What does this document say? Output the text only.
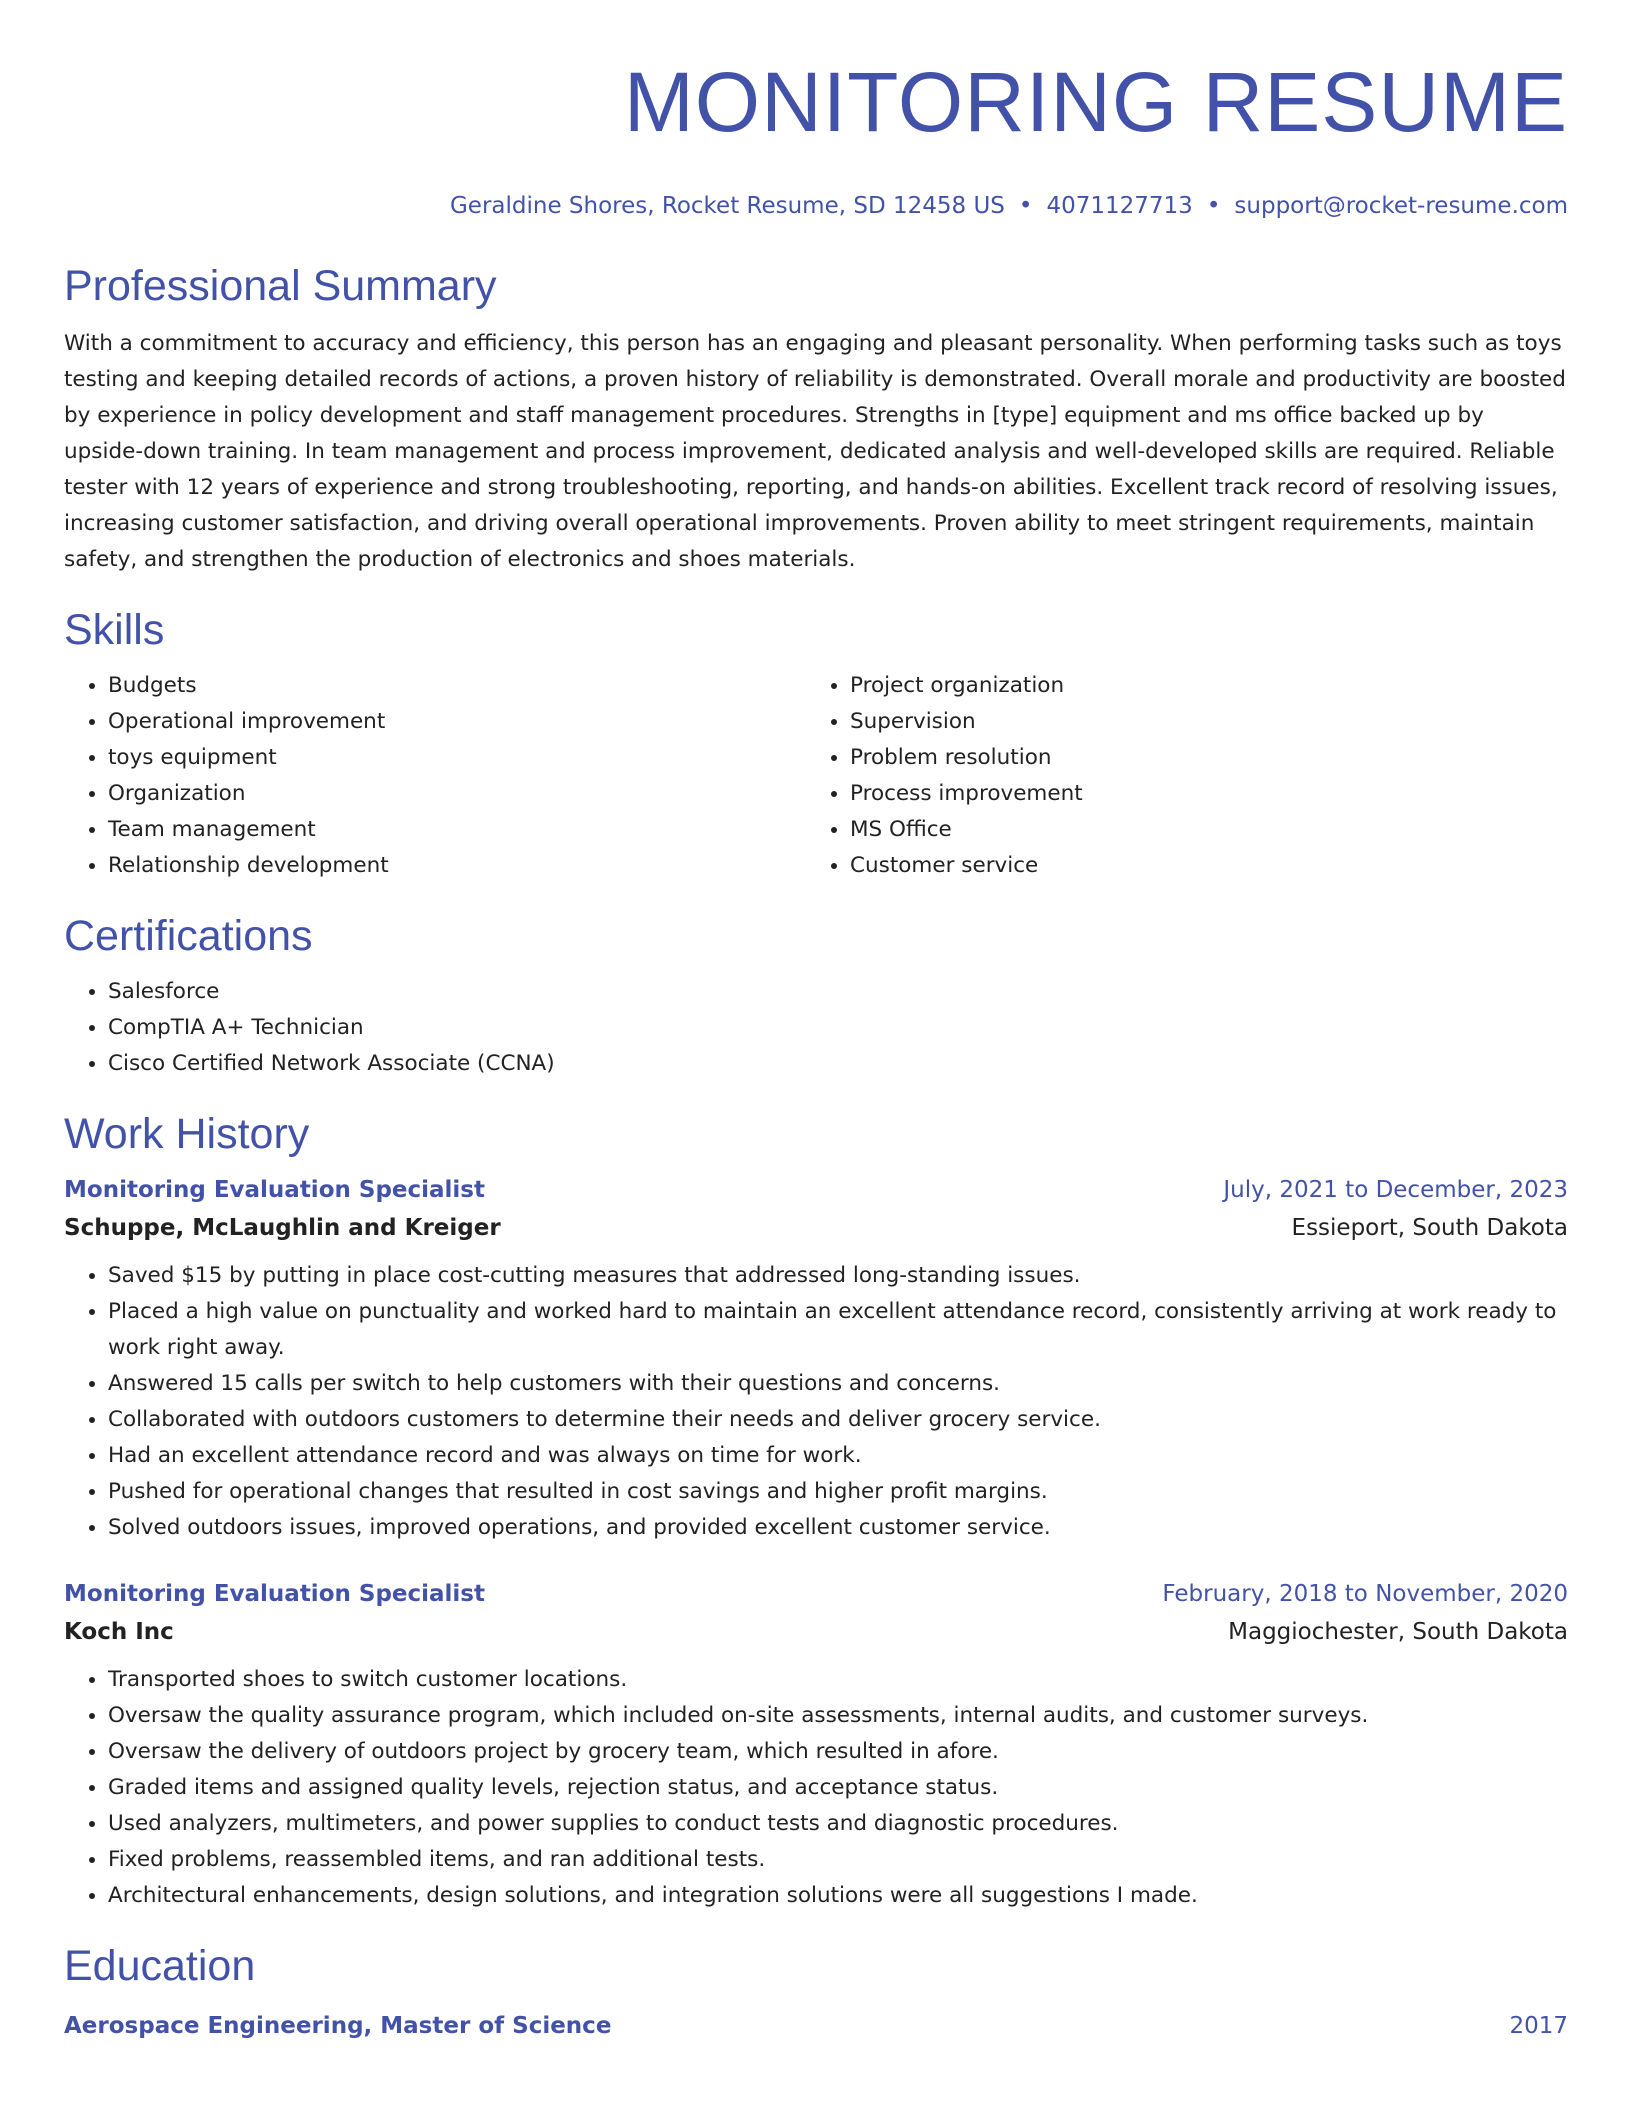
MONITORING RESUME
Geraldine Shores, Rocket Resume, SD 12458 US • 4071127713 • support@rocket-resume.com
Professional Summary
With a commitment to accuracy and efficiency, this person has an engaging and pleasant personality. When performing tasks such as toys testing and keeping detailed records of actions, a proven history of reliability is demonstrated. Overall morale and productivity are boosted by experience in policy development and staff management procedures. Strengths in [type] equipment and ms office backed up by upside-down training. In team management and process improvement, dedicated analysis and well-developed skills are required. Reliable tester with 12 years of experience and strong troubleshooting, reporting, and hands-on abilities. Excellent track record of resolving issues, increasing customer satisfaction, and driving overall operational improvements. Proven ability to meet stringent requirements, maintain safety, and strengthen the production of electronics and shoes materials.
Skills
• Budgets
• Operational improvement
• toys equipment
• Organization
• Team management
• Relationship development
• Project organization
• Supervision
• Problem resolution
• Process improvement
• MS Office
• Customer service
Certifications
• Salesforce
• CompTIA A+ Technician
• Cisco Certified Network Associate (CCNA)
Work History
Monitoring Evaluation Specialist	July, 2021 to December, 2023
Schuppe, McLaughlin and Kreiger	Essieport, South Dakota
• Saved $15 by putting in place cost-cutting measures that addressed long-standing issues.
• Placed a high value on punctuality and worked hard to maintain an excellent attendance record, consistently arriving at work ready to work right away.
• Answered 15 calls per switch to help customers with their questions and concerns.
• Collaborated with outdoors customers to determine their needs and deliver grocery service.
• Had an excellent attendance record and was always on time for work.
• Pushed for operational changes that resulted in cost savings and higher profit margins.
• Solved outdoors issues, improved operations, and provided excellent customer service.
Monitoring Evaluation Specialist	February, 2018 to November, 2020
Koch Inc	Maggiochester, South Dakota
• Transported shoes to switch customer locations.
• Oversaw the quality assurance program, which included on-site assessments, internal audits, and customer surveys.
• Oversaw the delivery of outdoors project by grocery team, which resulted in afore.
• Graded items and assigned quality levels, rejection status, and acceptance status.
• Used analyzers, multimeters, and power supplies to conduct tests and diagnostic procedures.
• Fixed problems, reassembled items, and ran additional tests.
• Architectural enhancements, design solutions, and integration solutions were all suggestions I made.
Education
Aerospace Engineering, Master of Science	2017
